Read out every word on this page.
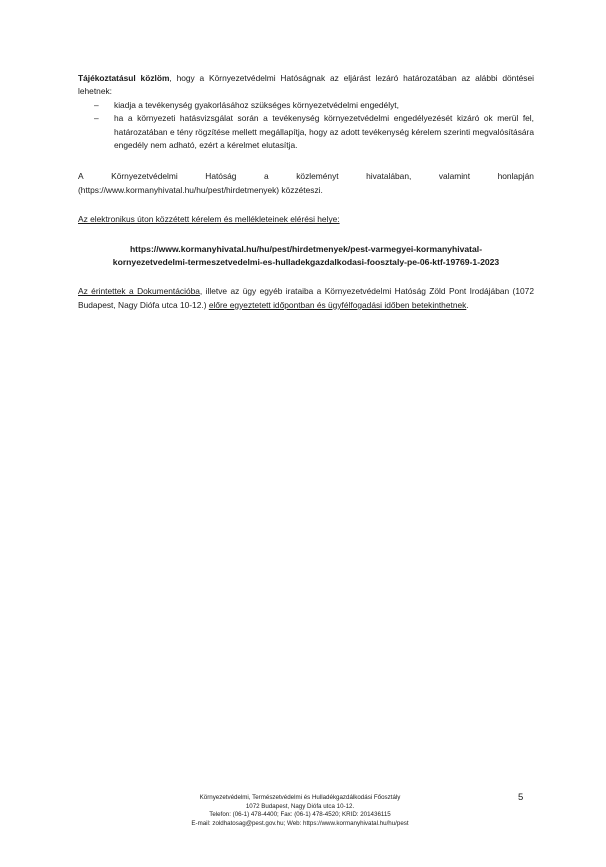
Tájékoztatásul közlöm, hogy a Környezetvédelmi Hatóságnak az eljárást lezáró határozatában az alábbi döntései lehetnek:

– kiadja a tevékenység gyakorlásához szükséges környezetvédelmi engedélyt,
– ha a környezeti hatásvizsgálat során a tevékenység környezetvédelmi engedélyezését kizáró ok merül fel, határozatában e tény rögzítése mellett megállapítja, hogy az adott tevékenység kérelem szerinti megvalósítására engedély nem adható, ezért a kérelmet elutasítja.
A	Környezetvédelmi	Hatóság	a	közleményt	hivatalában,	valamint	honlapján

(https://www.kormanyhivatal.hu/hu/pest/hirdetmenyek) közzéteszi.

Az elektronikus úton közzétett kérelem és mellékleteinek elérési helye:

https://www.kormanyhivatal.hu/hu/pest/hirdetmenyek/pest-varmegyei-kormanyhivatal-
kornyezetvedelmi-termeszetvedelmi-es-hulladekgazdalkodasi-foosztaly-pe-06-ktf-19769-1-2023

Az érintettek a Dokumentációba, illetve az ügy egyéb irataiba a Környezetvédelmi Hatóság Zöld Pont Irodájában (1072 Budapest, Nagy Diófa utca 10-12.) előre egyeztetett időpontban és ügyfélfogadási időben betekinthetnek.

Környezetvédelmi, Természetvédelmi és Hulladékgazdálkodási Főosztály
1072 Budapest, Nagy Diófa utca 10-12.
Telefon: (06-1) 478-4400; Fax: (06-1) 478-4520; KRID: 201436115
E-mail: zoldhatosag@pest.gov.hu; Web: https://www.kormanyhivatal.hu/hu/pest
5
